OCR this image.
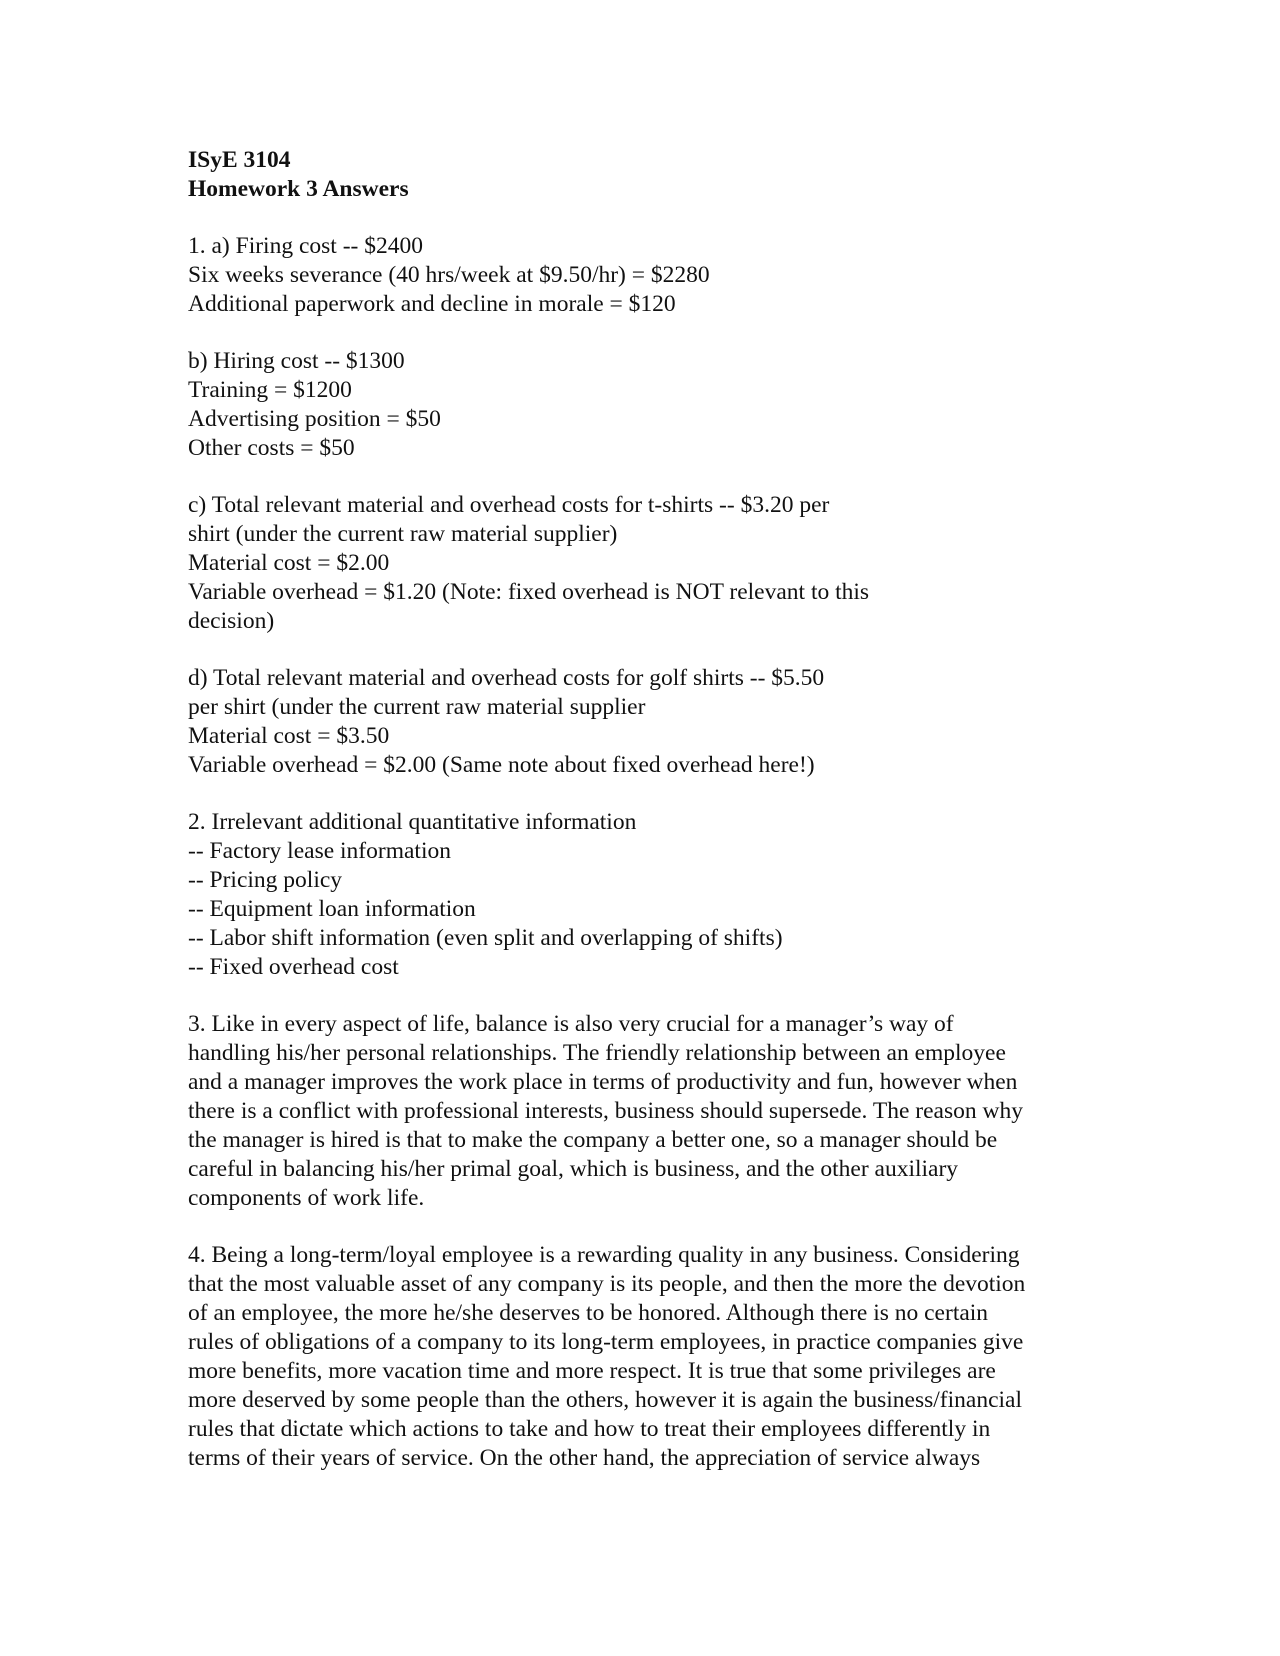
ISyE 3104
Homework 3 Answers
1. a) Firing cost -- $2400
Six weeks severance (40 hrs/week at $9.50/hr) = $2280
Additional paperwork and decline in morale = $120
b) Hiring cost -- $1300
Training = $1200
Advertising position = $50
Other costs = $50
c) Total relevant material and overhead costs for t-shirts -- $3.20 per
shirt (under the current raw material supplier)
Material cost = $2.00
Variable overhead = $1.20 (Note: fixed overhead is NOT relevant to this
decision)
d) Total relevant material and overhead costs for golf shirts -- $5.50
per shirt (under the current raw material supplier
Material cost = $3.50
Variable overhead = $2.00 (Same note about fixed overhead here!)
2. Irrelevant additional quantitative information
-- Factory lease information
-- Pricing policy
-- Equipment loan information
-- Labor shift information (even split and overlapping of shifts)
-- Fixed overhead cost
3. Like in every aspect of life, balance is also very crucial for a manager’s way of
handling his/her personal relationships. The friendly relationship between an employee
and a manager improves the work place in terms of productivity and fun, however when
there is a conflict with professional interests, business should supersede. The reason why
the manager is hired is that to make the company a better one, so a manager should be
careful in balancing his/her primal goal, which is business, and the other auxiliary
components of work life.
4. Being a long-term/loyal employee is a rewarding quality in any business. Considering
that the most valuable asset of any company is its people, and then the more the devotion
of an employee, the more he/she deserves to be honored. Although there is no certain
rules of obligations of a company to its long-term employees, in practice companies give
more benefits, more vacation time and more respect. It is true that some privileges are
more deserved by some people than the others, however it is again the business/financial
rules that dictate which actions to take and how to treat their employees differently in
terms of their years of service. On the other hand, the appreciation of service always
